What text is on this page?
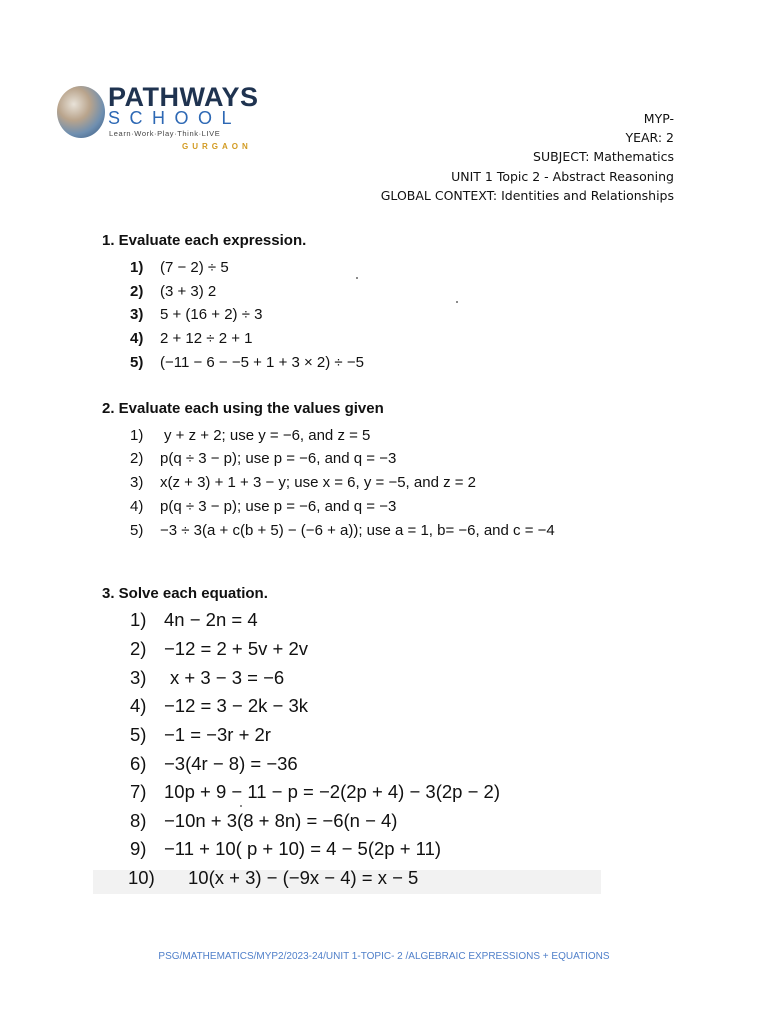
PATHWAYS
SCHOOL
Learn·Work·Play·Think·LIVE
GURGAON
MYP-
YEAR: 2
SUBJECT: Mathematics
UNIT 1 Topic 2 - Abstract Reasoning
GLOBAL CONTEXT: Identities and Relationships
1. Evaluate each expression.
1) (7 − 2) ÷ 5
2) (3 + 3) 2
3) 5 + (16 + 2) ÷ 3
4) 2 + 12 ÷ 2 + 1
5) (−11 − 6 − −5 + 1 + 3 × 2) ÷ −5
2. Evaluate each using the values given
1) y + z + 2; use y = −6, and z = 5
2) p(q ÷ 3 − p); use p = −6, and q = −3
3) x(z + 3) + 1 + 3 − y; use x = 6, y = −5, and z = 2
4) p(q ÷ 3 − p); use p = −6, and q = −3
5) −3 ÷ 3(a + c(b + 5) − (−6 + a)); use a = 1, b= −6, and c = −4
3. Solve each equation.
1) 4n − 2n = 4
2) −12 = 2 + 5v + 2v
3) x + 3 − 3 = −6
4) −12 = 3 − 2k − 3k
5) −1 = −3r + 2r
6) −3(4r − 8) = −36
7) 10p + 9 − 11 − p = −2(2p + 4) − 3(2p − 2)
8) −10n + 3(8 + 8n) = −6(n − 4)
9) −11 + 10( p + 10) = 4 − 5(2p + 11)
10) 10(x + 3) − (−9x − 4) = x − 5
PSG/MATHEMATICS/MYP2/2023-24/UNIT 1-TOPIC- 2 /ALGEBRAIC EXPRESSIONS + EQUATIONS
